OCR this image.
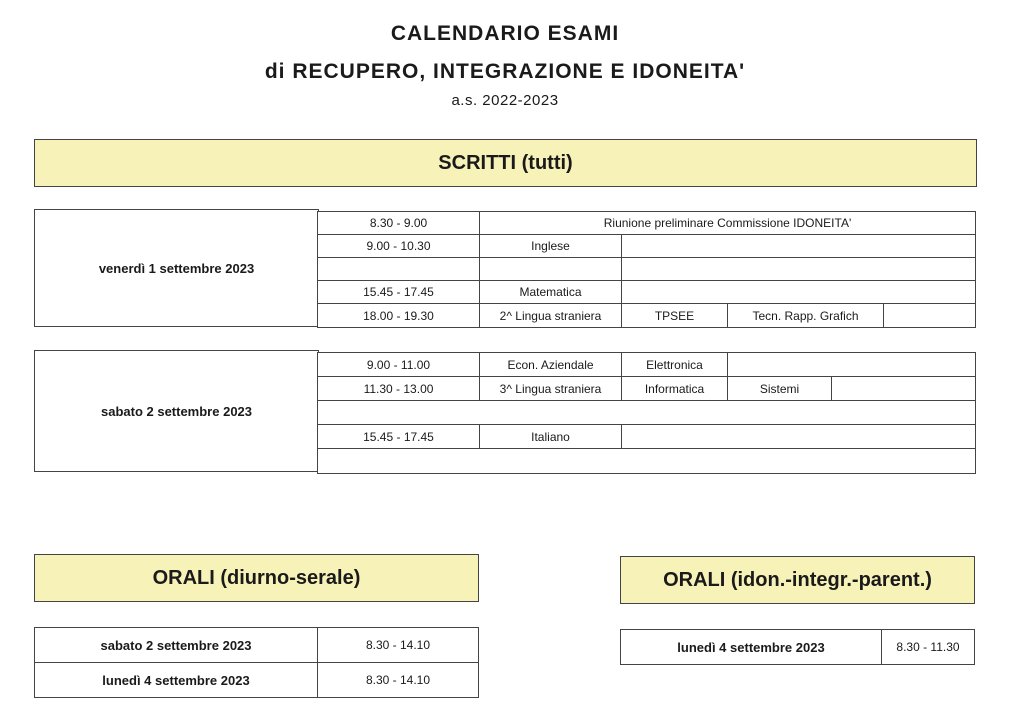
CALENDARIO ESAMI
di RECUPERO, INTEGRAZIONE E IDONEITA'
a.s. 2022-2023
SCRITTI (tutti)
venerdì 1 settembre 2023
8.30 - 9.00	Riunione preliminare Commissione IDONEITA'
9.00 - 10.30	Inglese
15.45 - 17.45	Matematica
18.00 - 19.30	2^ Lingua straniera	TPSEE	Tecn. Rapp. Grafich
sabato 2 settembre 2023
9.00 - 11.00	Econ. Aziendale	Elettronica
11.30 - 13.00	3^ Lingua straniera	Informatica	Sistemi
15.45 - 17.45	Italiano
ORALI (diurno-serale)
sabato 2 settembre 2023	8.30 - 14.10
lunedì 4 settembre 2023	8.30 - 14.10
ORALI (idon.-integr.-parent.)
lunedì 4 settembre 2023	8.30 - 11.30
